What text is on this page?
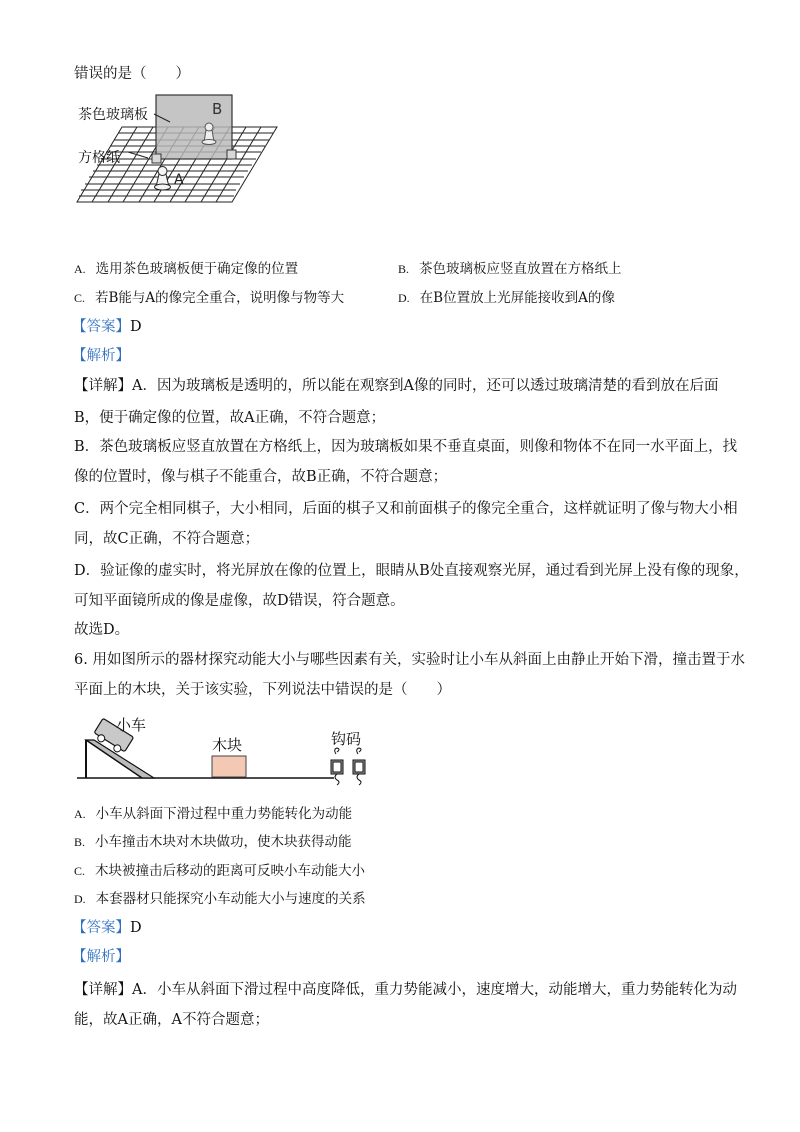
错误的是（　　）
B
A
茶色玻璃板
方格纸
A. 选用茶色玻璃板便于确定像的位置	B. 茶色玻璃板应竖直放置在方格纸上
C. 若B能与A的像完全重合，说明像与物等大	D. 在B位置放上光屏能接收到A的像
【答案】D
【解析】
【详解】A．因为玻璃板是透明的，所以能在观察到A像的同时，还可以透过玻璃清楚的看到放在后面
B，便于确定像的位置，故A正确，不符合题意；
B．茶色玻璃板应竖直放置在方格纸上，因为玻璃板如果不垂直桌面，则像和物体不在同一水平面上，找
像的位置时，像与棋子不能重合，故B正确，不符合题意；
C．两个完全相同棋子，大小相同，后面的棋子又和前面棋子的像完全重合，这样就证明了像与物大小相
同，故C正确，不符合题意；
D．验证像的虚实时，将光屏放在像的位置上，眼睛从B处直接观察光屏，通过看到光屏上没有像的现象，
可知平面镜所成的像是虚像，故D错误，符合题意。
故选D。
6. 用如图所示的器材探究动能大小与哪些因素有关，实验时让小车从斜面上由静止开始下滑，撞击置于水
平面上的木块，关于该实验，下列说法中错误的是（　　）
小车
木块	钩码
A. 小车从斜面下滑过程中重力势能转化为动能
B. 小车撞击木块对木块做功，使木块获得动能
C. 木块被撞击后移动的距离可反映小车动能大小
D. 本套器材只能探究小车动能大小与速度的关系
【答案】D
【解析】
【详解】A．小车从斜面下滑过程中高度降低，重力势能减小，速度增大，动能增大，重力势能转化为动
能，故A正确，A不符合题意；
